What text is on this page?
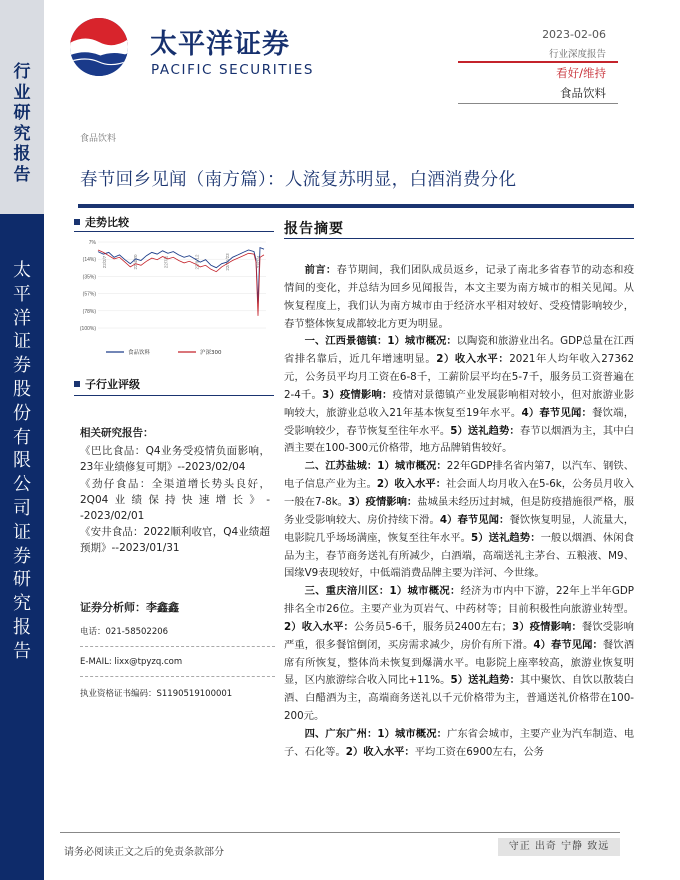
行
业
研
究
报
告
太
平
洋
证
券
股
份
有
限
公
司
证
券
研
究
报
告
太平洋证券
PACIFIC SECURITIES
2023-02-06
行业深度报告
看好/维持
食品饮料
食品饮料
春节回乡见闻（南方篇）：人流复苏明显，白酒消费分化
走势比较
7%
(14%)
(35%)
(57%)
(78%)
(100%)
22/2/7	22/4/20	22/7/1	22/9/12	22/11/23	23/2/4
食品饮料	沪深300
子行业评级
相关研究报告：

《巴比食品：Q4业务受疫情负面影响，23年业绩修复可期》--2023/02/04

《劲仔食品：全渠道增长势头良好，2Q04业绩保持快速增长》--2023/02/01

《安井食品：2022顺利收官，Q4业绩超预期》--2023/01/31

证券分析师：李鑫鑫
电话：021-58502206
E-MAIL: lixx@tpyzq.com
执业资格证书编码：S1190519100001
报告摘要

前言：春节期间，我们团队成员返乡，记录了南北多省春节的动态和疫情间的变化，并总结为回乡见闻报告，本文主要为南方城市的相关见闻。从恢复程度上，我们认为南方城市由于经济水平相对较好、受疫情影响较少，春节整体恢复成都较北方更为明显。

一、江西景德镇：1）城市概况：以陶瓷和旅游业出名。GDP总量在江西省排名靠后，近几年增速明显。2）收入水平：2021年人均年收入27362元，公务员平均月工资在6-8千，工薪阶层平均在5-7千，服务员工资普遍在2-4千。3）疫情影响：疫情对景德镇产业发展影响相对较小，但对旅游业影响较大，旅游业总收入21年基本恢复至19年水平。4）春节见闻：餐饮端，受影响较少，春节恢复至往年水平。5）送礼趋势：春节以烟酒为主，其中白酒主要在100-300元价格带，地方品牌销售较好。

二、江苏盐城：1）城市概况：22年GDP排名省内第7，以汽车、钢铁、电子信息产业为主。2）收入水平：社会面人均月收入在5-6k，公务员月收入一般在7-8k。3）疫情影响：盐城虽未经历过封城，但是防疫措施很严格，服务业受影响较大、房价持续下滑。4）春节见闻：餐饮恢复明显，人流量大，电影院几乎场场满座，恢复至往年水平。5）送礼趋势：一般以烟酒、休闲食品为主，春节商务送礼有所减少，白酒端，高端送礼主茅台、五粮液、M9、国缘V9表现较好，中低端消费品牌主要为洋河、今世缘。

三、重庆涪川区：1）城市概况：经济为市内中下游，22年上半年GDP排名全市26位。主要产业为页岩气、中药材等；目前积极性向旅游业转型。2）收入水平：公务员5-6千，服务员2400左右；3）疫情影响：餐饮受影响严重，很多餐馆倒闭，买房需求减少，房价有所下滑。4）春节见闻：餐饮酒席有所恢复，整体尚未恢复到爆满水平。电影院上座率较高，旅游业恢复明显，区内旅游综合收入同比+11%。5）送礼趋势：其中聚饮、自饮以散装白酒、白醋酒为主，高端商务送礼以千元价格带为主，普通送礼价格带在100-200元。

四、广东广州：1）城市概况：广东省会城市，主要产业为汽车制造、电子、石化等。2）收入水平：平均工资在6900左右，公务

请务必阅读正文之后的免责条款部分
守正 出奇 宁静 致远
